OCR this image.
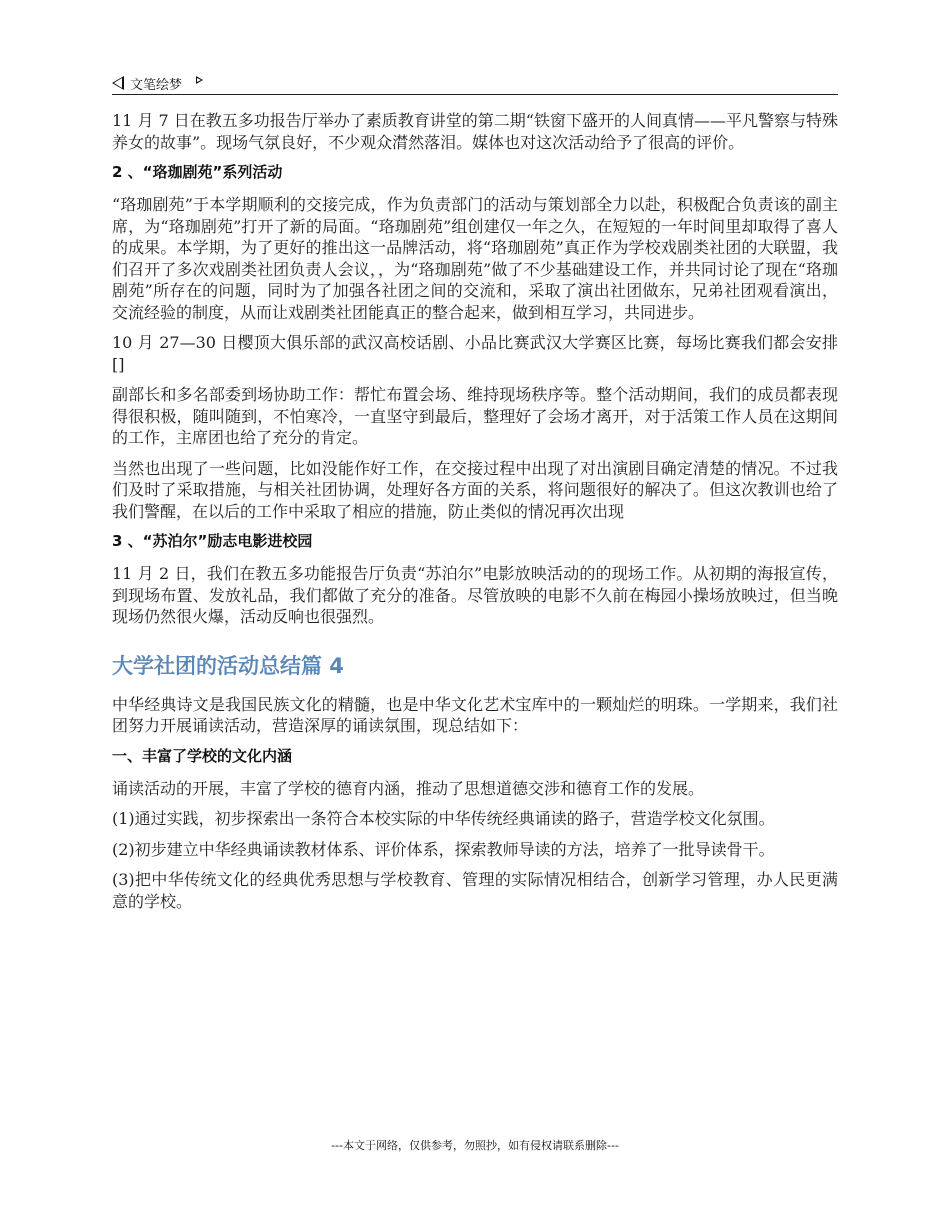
文笔绘梦

11 月 7 日在教五多功报告厅举办了素质教育讲堂的第二期“铁窗下盛开的人间真情——平凡警察与特殊养女的故事”。现场气氛良好，不少观众潸然落泪。媒体也对这次活动给予了很高的评价。

2 、“珞珈剧苑”系列活动

“珞珈剧苑”于本学期顺利的交接完成，作为负责部门的活动与策划部全力以赴，积极配合负责该的副主席，为“珞珈剧苑”打开了新的局面。“珞珈剧苑”组创建仅一年之久，在短短的一年时间里却取得了喜人的成果。本学期，为了更好的推出这一品牌活动，将“珞珈剧苑”真正作为学校戏剧类社团的大联盟，我们召开了多次戏剧类社团负责人会议，，为“珞珈剧苑”做了不少基础建设工作，并共同讨论了现在“珞珈剧苑”所存在的问题，同时为了加强各社团之间的交流和，采取了演出社团做东，兄弟社团观看演出，交流经验的制度，从而让戏剧类社团能真正的整合起来，做到相互学习，共同进步。

10 月 27—30 日樱顶大俱乐部的武汉高校话剧、小品比赛武汉大学赛区比赛，每场比赛我们都会安排[]

副部长和多名部委到场协助工作：帮忙布置会场、维持现场秩序等。整个活动期间，我们的成员都表现得很积极，随叫随到，不怕寒冷，一直坚守到最后，整理好了会场才离开，对于活策工作人员在这期间的工作，主席团也给了充分的肯定。

当然也出现了一些问题，比如没能作好工作，在交接过程中出现了对出演剧目确定清楚的情况。不过我们及时了采取措施，与相关社团协调，处理好各方面的关系，将问题很好的解决了。但这次教训也给了我们警醒，在以后的工作中采取了相应的措施，防止类似的情况再次出现

3 、“苏泊尔”励志电影进校园

11 月 2 日，我们在教五多功能报告厅负责“苏泊尔”电影放映活动的的现场工作。从初期的海报宣传，到现场布置、发放礼品，我们都做了充分的准备。尽管放映的电影不久前在梅园小操场放映过，但当晚现场仍然很火爆，活动反响也很强烈。

大学社团的活动总结篇 4

中华经典诗文是我国民族文化的精髓，也是中华文化艺术宝库中的一颗灿烂的明珠。一学期来，我们社团努力开展诵读活动，营造深厚的诵读氛围，现总结如下：

一、丰富了学校的文化内涵

诵读活动的开展，丰富了学校的德育内涵，推动了思想道德交涉和德育工作的发展。

(1)通过实践，初步探索出一条符合本校实际的中华传统经典诵读的路子，营造学校文化氛围。

(2)初步建立中华经典诵读教材体系、评价体系，探索教师导读的方法，培养了一批导读骨干。

(3)把中华传统文化的经典优秀思想与学校教育、管理的实际情况相结合，创新学习管理，办人民更满意的学校。

---本文于网络，仅供参考，勿照抄，如有侵权请联系删除---
